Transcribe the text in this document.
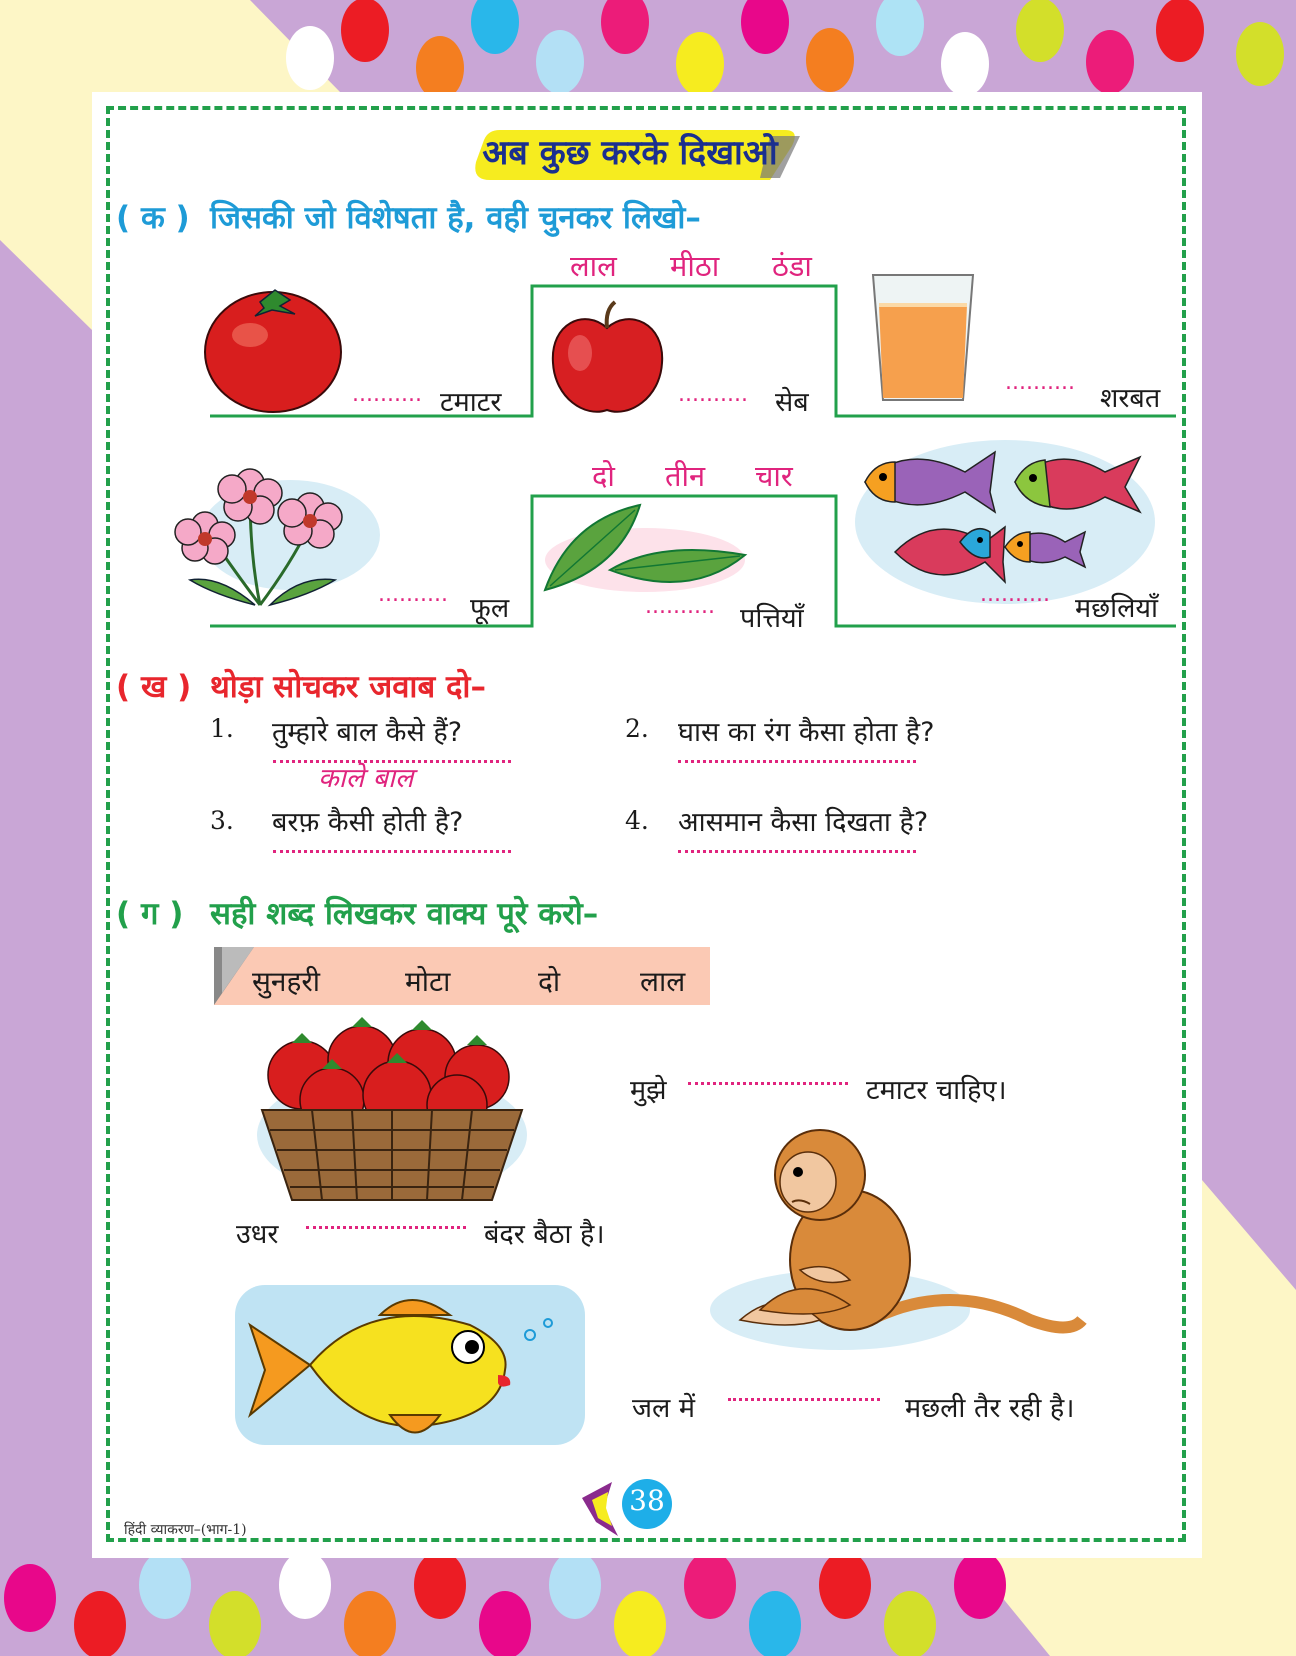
अब कुछ करके दिखाओ
( क ) जिसकी जो विशेषता है, वही चुनकर लिखो–
लाल मीठा ठंडा
.......... टमाटर	.......... सेब
..........
शरबत
दो तीन चार
.......... फूल	.......... पत्तियाँ
.......... मछलियाँ
( ख ) थोड़ा सोचकर जवाब दो–
1. तुम्हारे बाल कैसे हैं?
काले बाल
2. घास का रंग कैसा होता है?
3. बरफ़ कैसी होती है?	4. आसमान कैसा दिखता है?
( ग ) सही शब्द लिखकर वाक्य पूरे करो–
सुनहरी	मोटा	दो	लाल
मुझे	टमाटर चाहिए।
उधर	बंदर बैठा है।
जल में	मछली तैर रही है।
हिंदी व्याकरण–(भाग-1)
38
